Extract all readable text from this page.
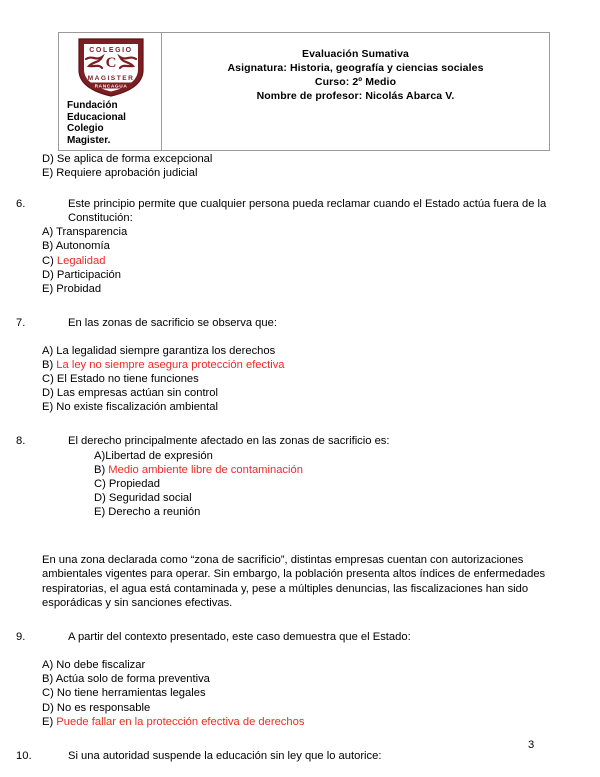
COLEGIO
C
MAGISTER
RANCAGUA
Fundación
Educacional
Colegio
Magister.

Evaluación Sumativa
Asignatura: Historia, geografía y ciencias sociales
Curso: 2º Medio
Nombre de profesor: Nicolás Abarca V.
D) Se aplica de forma excepcional
E) Requiere aprobación judicial
6.	Este principio permite que cualquier persona pueda reclamar cuando el Estado actúa fuera de la Constitución:
A) Transparencia
B) Autonomía
C) Legalidad
D) Participación
E) Probidad
7.	En las zonas de sacrificio se observa que:
A) La legalidad siempre garantiza los derechos
B) La ley no siempre asegura protección efectiva
C) El Estado no tiene funciones
D) Las empresas actúan sin control
E) No existe fiscalización ambiental
8.	El derecho principalmente afectado en las zonas de sacrificio es:
A)Libertad de expresión
B) Medio ambiente libre de contaminación
C) Propiedad
D) Seguridad social
E) Derecho a reunión
En una zona declarada como “zona de sacrificio”, distintas empresas cuentan con autorizaciones ambientales vigentes para operar. Sin embargo, la población presenta altos índices de enfermedades respiratorias, el agua está contaminada y, pese a múltiples denuncias, las fiscalizaciones han sido esporádicas y sin sanciones efectivas.
9.	A partir del contexto presentado, este caso demuestra que el Estado:
A) No debe fiscalizar
B) Actúa solo de forma preventiva
C) No tiene herramientas legales
D) No es responsable
E) Puede fallar en la protección efectiva de derechos
10.	Si una autoridad suspende la educación sin ley que lo autorice:
3
